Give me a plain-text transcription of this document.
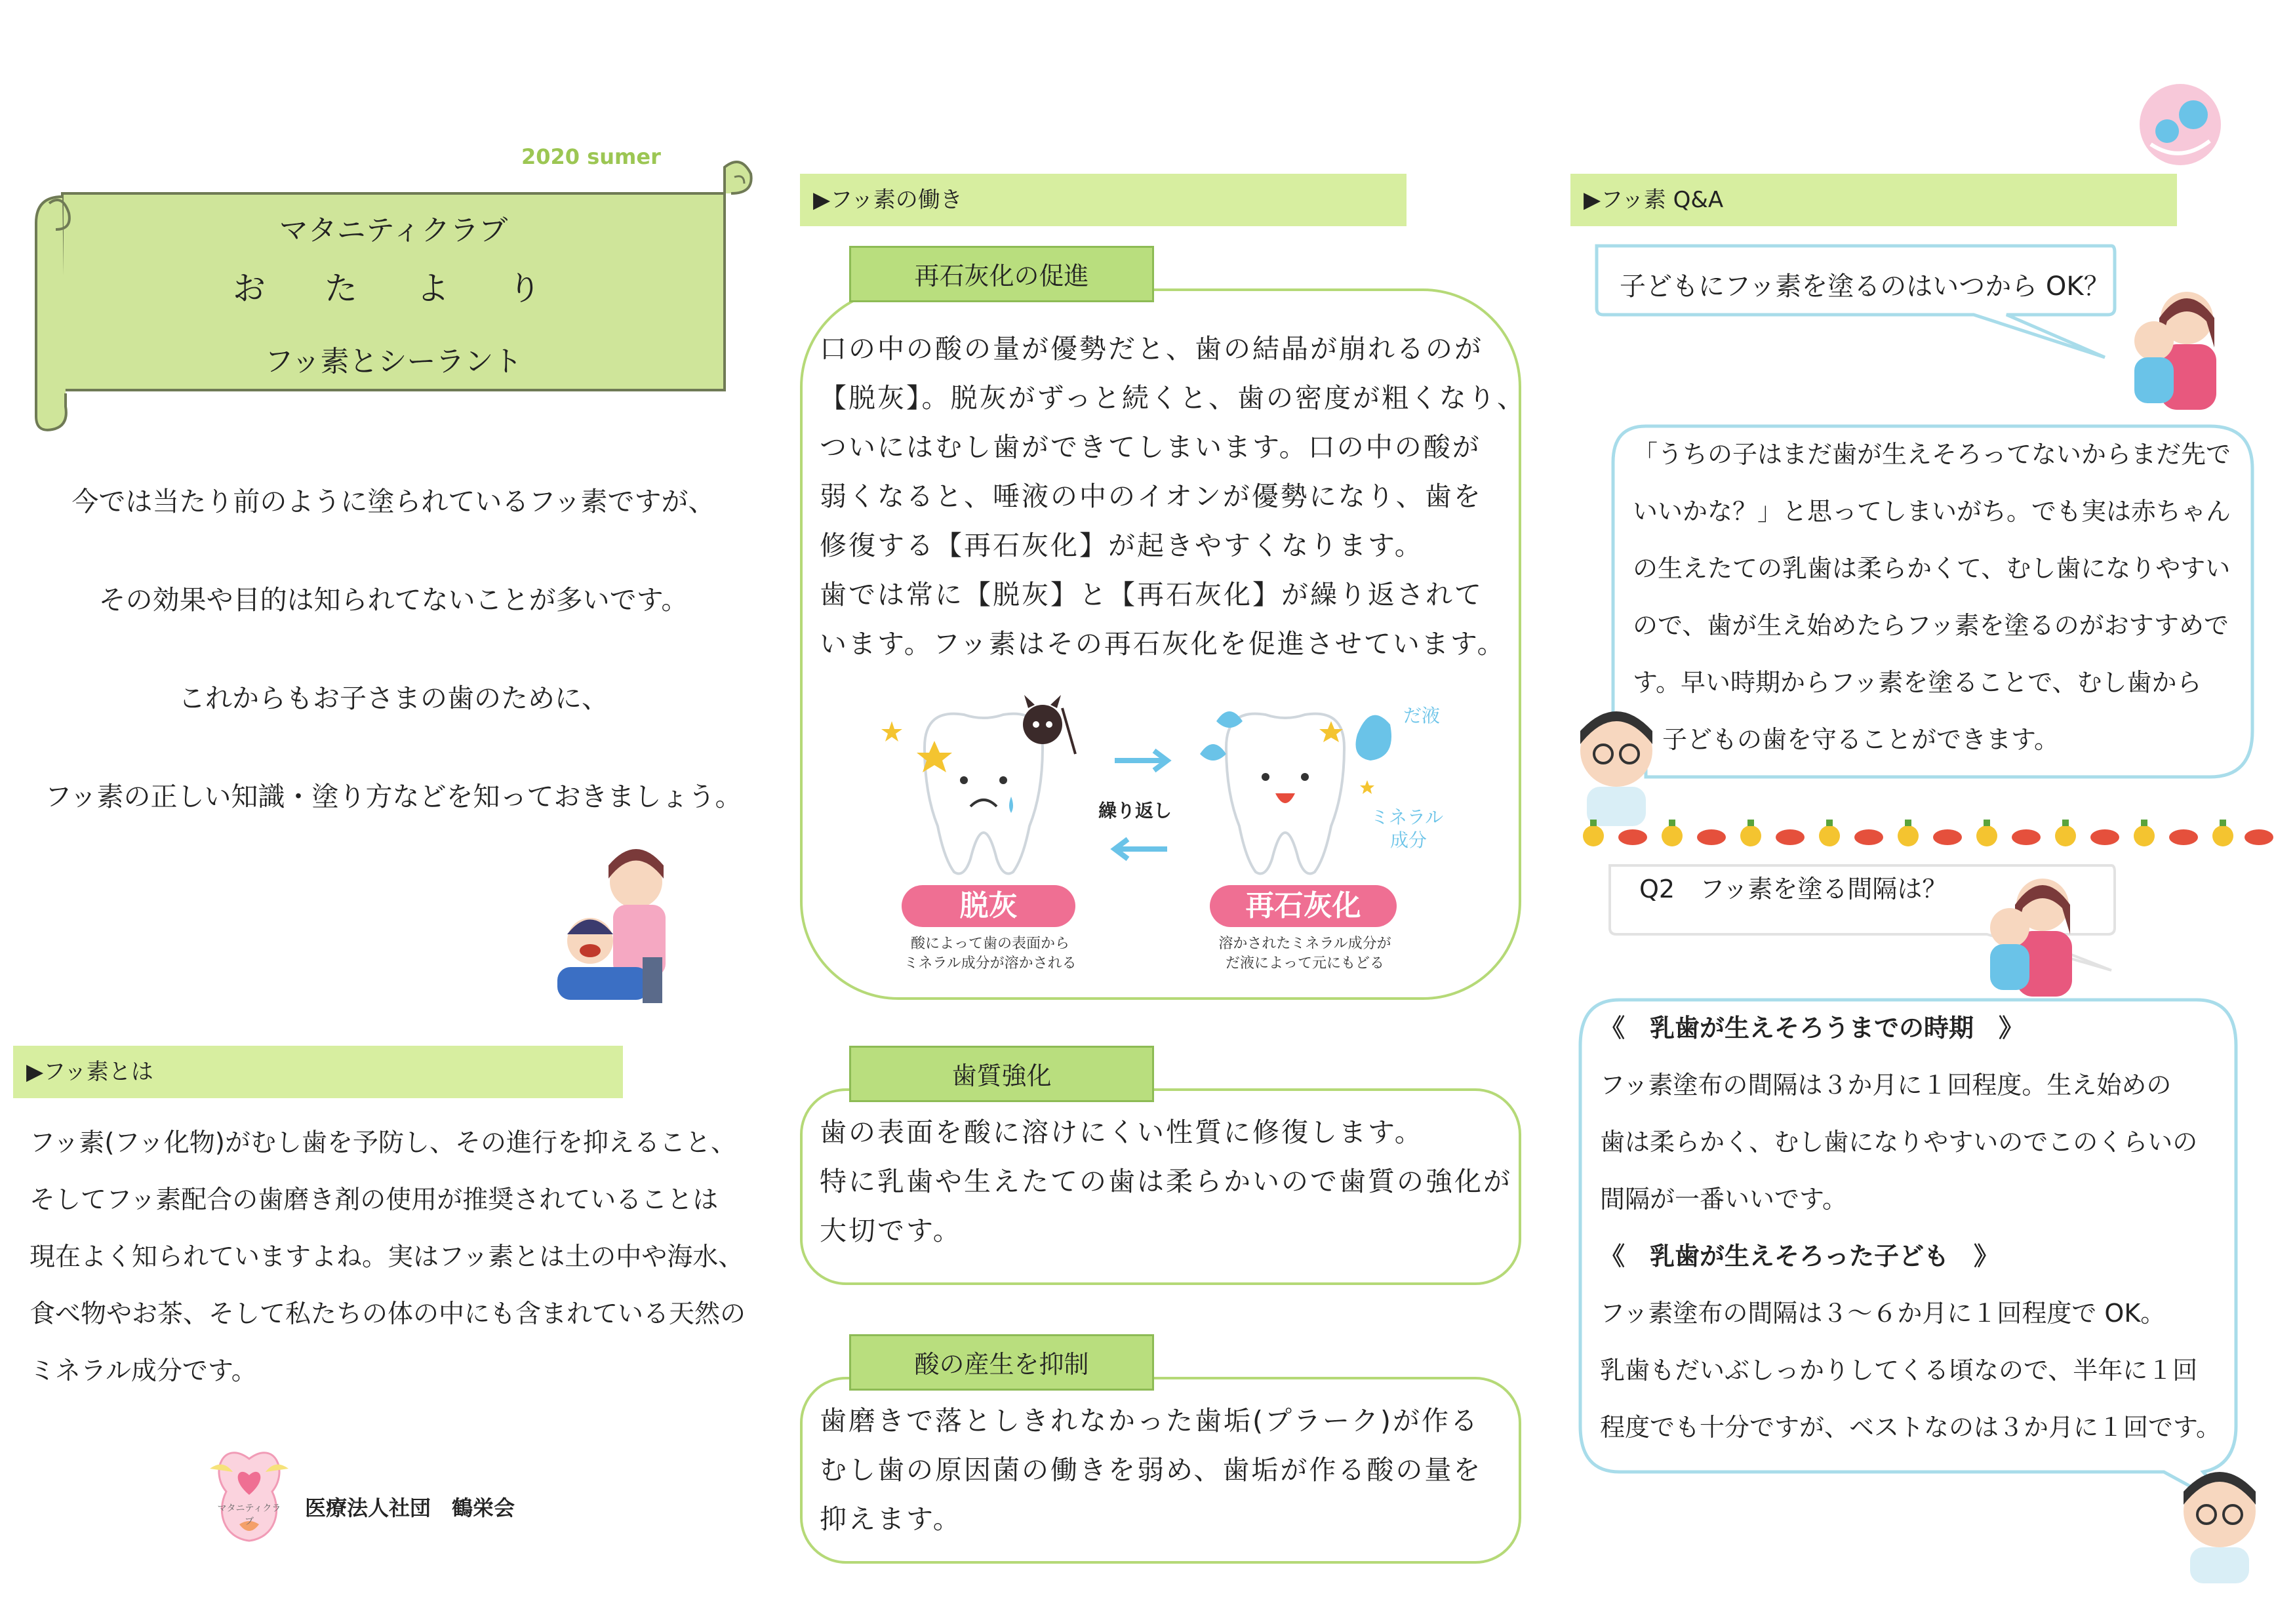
2020 sumer
マタニティクラブ
お　た　よ　り
フッ素とシーラント
今では当たり前のように塗られているフッ素ですが、
その効果や目的は知られてないことが多いです。
これからもお子さまの歯のために、
フッ素の正しい知識・塗り方などを知っておきましょう。
▶フッ素とは
フッ素(フッ化物)がむし歯を予防し、その進行を抑えること、
そしてフッ素配合の歯磨き剤の使用が推奨されていることは
現在よく知られていますよね。実はフッ素とは土の中や海水、
食べ物やお茶、そして私たちの体の中にも含まれている天然の
ミネラル成分です。
マタニティクラブ
医療法人社団　鶴栄会
▶フッ素の働き
再石灰化の促進
口の中の酸の量が優勢だと、歯の結晶が崩れるのが
【脱灰】。脱灰がずっと続くと、歯の密度が粗くなり、
ついにはむし歯ができてしまいます。口の中の酸が
弱くなると、唾液の中のイオンが優勢になり、歯を
修復する【再石灰化】が起きやすくなります。
歯では常に【脱灰】と【再石灰化】が繰り返されて
います。フッ素はその再石灰化を促進させています。
繰り返し
だ液
ミネラル
成分
脱灰
酸によって歯の表面から
ミネラル成分が溶かされる
再石灰化
溶かされたミネラル成分が
だ液によって元にもどる
歯質強化
歯の表面を酸に溶けにくい性質に修復します。
特に乳歯や生えたての歯は柔らかいので歯質の強化が
大切です。
酸の産生を抑制
歯磨きで落としきれなかった歯垢(プラーク)が作る
むし歯の原因菌の働きを弱め、歯垢が作る酸の量を
抑えます。
▶フッ素 Q&A
子どもにフッ素を塗るのはいつから OK？
「うちの子はまだ歯が生えそろってないからまだ先で
いいかな？」と思ってしまいがち。でも実は赤ちゃん
の生えたての乳歯は柔らかくて、むし歯になりやすい
ので、歯が生え始めたらフッ素を塗るのがおすすめで
す。早い時期からフッ素を塗ることで、むし歯から
子どもの歯を守ることができます。
Q2　フッ素を塗る間隔は？
《　乳歯が生えそろうまでの時期　》
フッ素塗布の間隔は３か月に１回程度。生え始めの
歯は柔らかく、むし歯になりやすいのでこのくらいの
間隔が一番いいです。
《　乳歯が生えそろった子ども　》
フッ素塗布の間隔は３～６か月に１回程度で OK。
乳歯もだいぶしっかりしてくる頃なので、半年に１回
程度でも十分ですが、ベストなのは３か月に１回です。
